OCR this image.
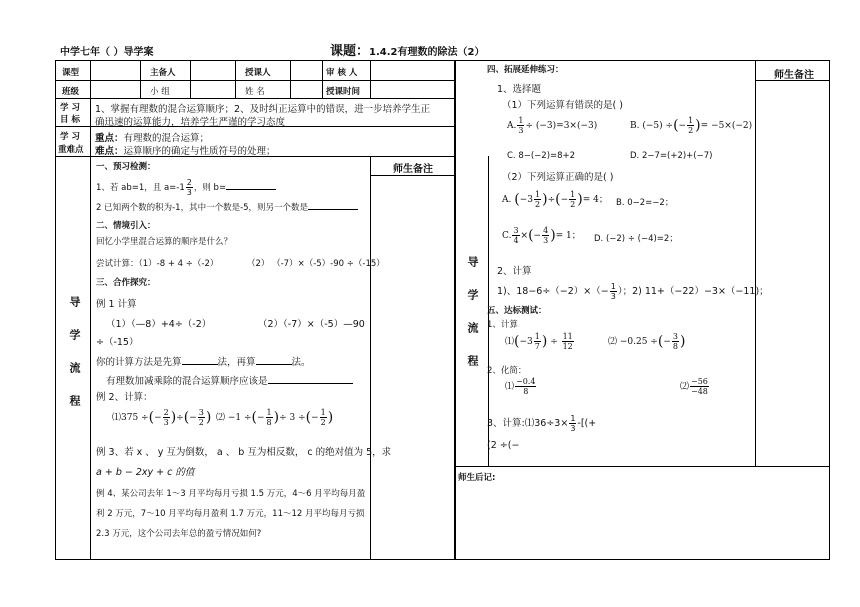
中学七年（ ）导学案	课题：1.4.2有理数的除法（2）
课型	主备人	授课人	审 核 人
班级	小 组	姓 名	授课时间
学 习
目 标
1、掌握有理数的混合运算顺序；2、及时纠正运算中的错误，进一步培养学生正
确迅速的运算能力，培养学生严谨的学习态度
学 习
重难点
重点：有理数的混合运算；
难点：运算顺序的确定与性质符号的处理；
导学流程	导学流程
师生备注
师生备注
一、预习检测：
1、若 ab=1，且 $a=-1 \frac{2}{3}$ ，则 b=
2 已知两个数的积为-1，其中一个数是-5，则另一个数是
二、情境引入：
回忆小学里混合运算的顺序是什么？
尝试计算：（1）-8 + 4 ÷（-2）	（2） （-7）×（-5）-90 ÷（-15）
三、合作探究：
例 1 计算
（1）（—8）+4÷（-2）	（2）（-7）×（-5）—90
÷（-15）
你的计算方法是先算	法，再算	法。
有理数加减乘除的混合运算顺序应该是
例 2、计算：
⑴375 ÷(− $\frac{2}{3}$ )÷(− $\frac{3}{2}$ ) ⑵ −1 ÷(− $\frac{1}{8}$ )÷ 3 ÷(− $\frac{1}{2}$ )
例 3、若 x 、 y 互为倒数， a 、 b 互为相反数， c 的绝对值为 5，求
a + b − 2xy + c 的值
例 4、某公司去年 1～3 月平均每月亏损 1.5 万元，4～6 月平均每月盈
利 2 万元，7～10 月平均每月盈利 1.7 万元，11～12 月平均每月亏损
2.3 万元，这个公司去年总的盈亏情况如何?
四、拓展延伸练习：
1、选择题
（1）下列运算有错误的是( )
A. $\frac{1}{3} \div (-3)=3\times(-3)$	B. (−5) ÷(− $\frac{1}{2}$ )= −5×(−2)
C. 8−(−2)=8+2	D. 2−7=(+2)+(−7)
（2）下列运算正确的是( )
A. ($-3 \frac{1}{2}$ )÷(− $\frac{1}{2}$ )= 4； B. 0−2=−2；
C. $\frac{3}{4}$ ×(− $\frac{4}{3}$ )= 1； D. (−2) ÷ (−4)=2；
2、计算
1)、$18-6\div(-2)\times(- \frac{1}{3}$ ）；2) 11+（−22）−3×（−11)；
五、达标测试：
1、计算
⑴(−3 $\frac{1}{7}$ ) ÷ $\frac{11}{12}$	⑵ −0.25 ÷(− $\frac{3}{8}$ )
2、化简：
⑴ $\frac{-0.4}{8}$	⑵ $\frac{-56}{-48}$
3、计算:⑴36÷3× $\frac{1}{3}$ -[(+
(2 ÷(−
师生后记:
